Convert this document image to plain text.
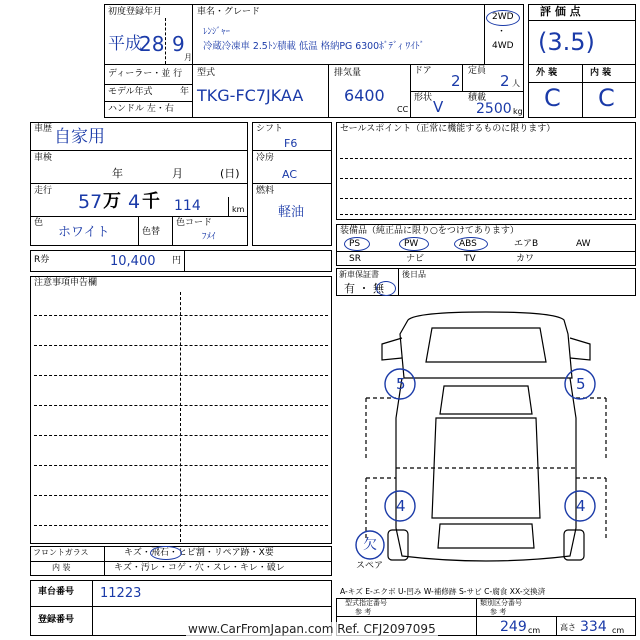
初度登録年月
平成
28 9
月
車名・グレード
ﾚﾝｼﾞｬｰ
冷蔵冷凍車 2.5ﾄﾝ積載 低温 格納PG 6300ﾎﾞﾃﾞｨ ﾜｲﾄﾞ
2WD
・
4WD
ディーラー・並 行
モデル年式	年
ハンドル 左・右
型式
TKG-FC7JKAA
排気量
6400
CC
ドア
2
定員
2 人
形状 V	積載
2500 kg
評 価 点
(3.5)
外 装	内 装
C C
車歴 自家用
車検
年	月	(日)
走行 57 万 4 千 114	km
色
ホワイト	色替
色コード
ﾌﾒｲ
シフト
F6
冷房
AC
燃料
軽油
セールスポイント（正常に機能するものに限ります）
R券	10,400 円
装備品（純正品に限り○をつけてあります）
PS	PW	ABS	エアB	AW
SR	ナビ	TV	カワ
新車保証書
有 ・ 無
後日品
注意事項申告欄
5	5
4	4
欠
スペア
フロントガラス	キズ・飛石・ヒビ割・リペア跡・X要
内 装	キズ・汚レ・コゲ・穴・スレ・キレ・破レ
A-キズ E-エクボ U-凹み W-補修跡 S-サビ C-腐食 XX-交換済
車台番号 11223
登録番号
型式指定番号
参 考
類別区分番号
参 考
249 cm 高さ 334 cm
www.CarFromJapan.com Ref. CFJ2097095
